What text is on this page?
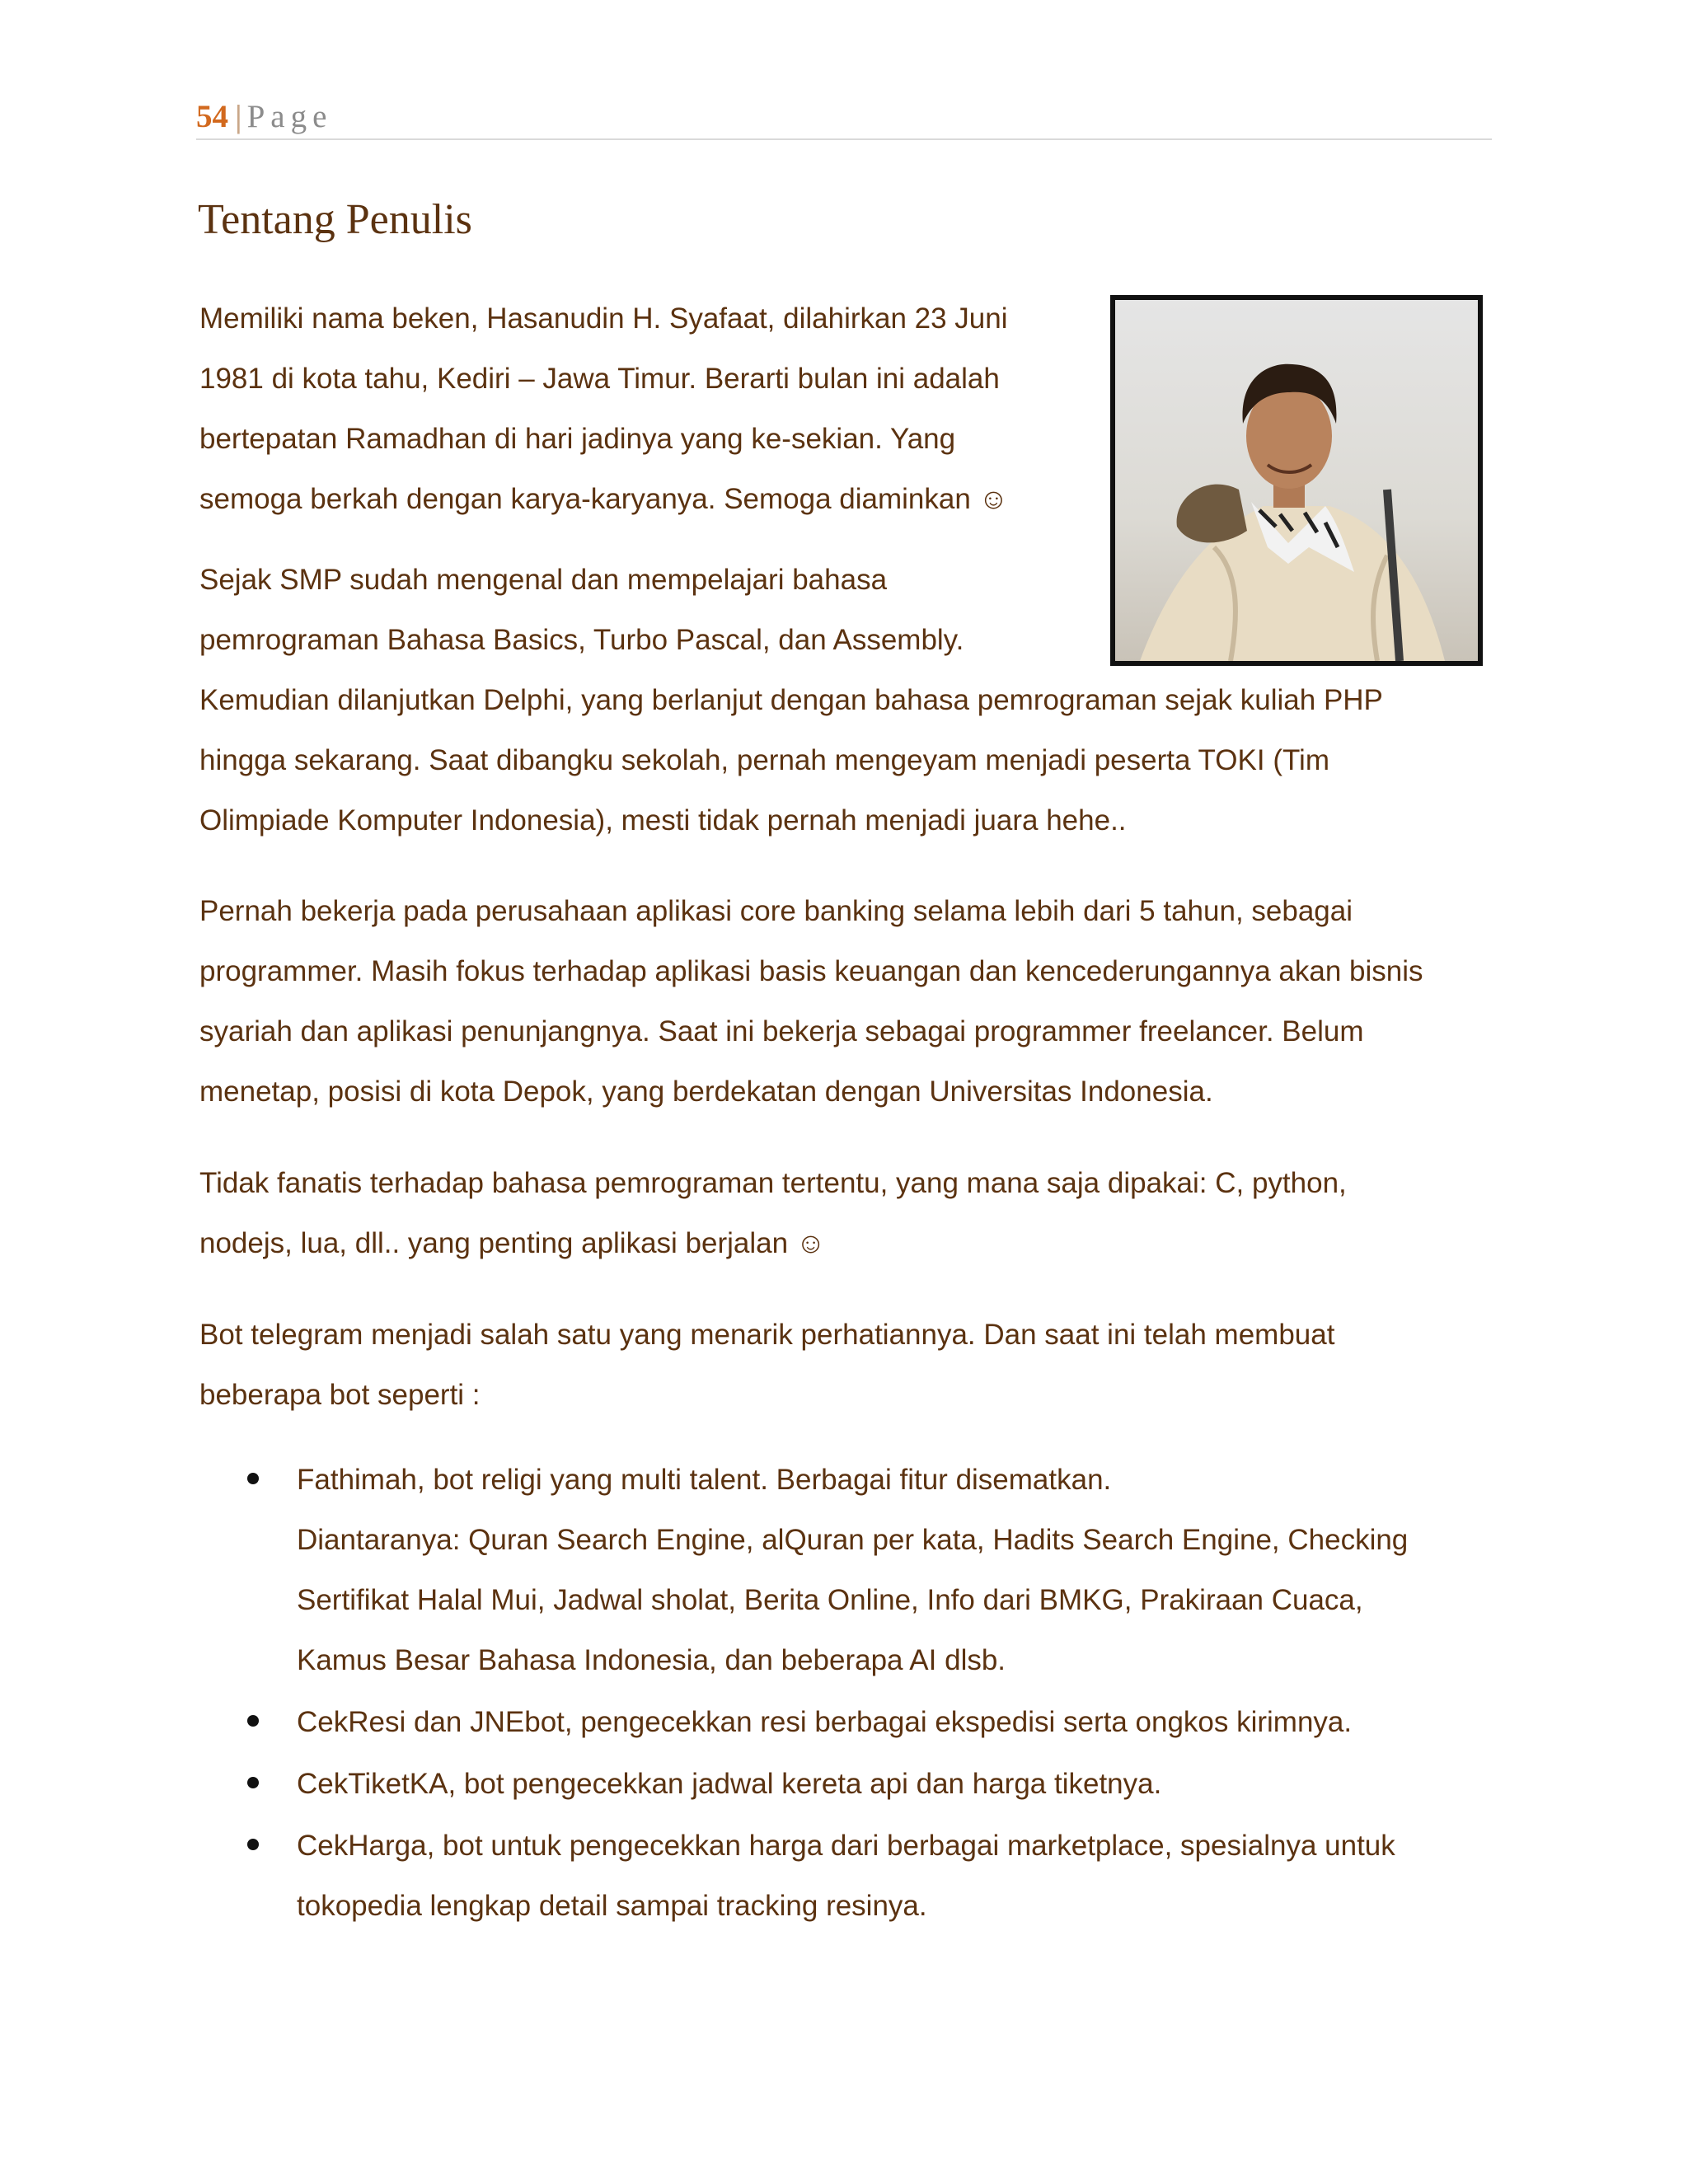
54 | Page
Tentang Penulis

Memiliki nama beken, Hasanudin H. Syafaat, dilahirkan 23 Juni
1981 di kota tahu, Kediri – Jawa Timur. Berarti bulan ini adalah
bertepatan Ramadhan di hari jadinya yang ke-sekian. Yang
semoga berkah dengan karya-karyanya. Semoga diaminkan ☺

Sejak SMP sudah mengenal dan mempelajari bahasa
pemrograman Bahasa Basics, Turbo Pascal, dan Assembly.
Kemudian dilanjutkan Delphi, yang berlanjut dengan bahasa pemrograman sejak kuliah PHP
hingga sekarang. Saat dibangku sekolah, pernah mengeyam menjadi peserta TOKI (Tim
Olimpiade Komputer Indonesia), mesti tidak pernah menjadi juara hehe..

Pernah bekerja pada perusahaan aplikasi core banking selama lebih dari 5 tahun, sebagai
programmer. Masih fokus terhadap aplikasi basis keuangan dan kencederungannya akan bisnis
syariah dan aplikasi penunjangnya. Saat ini bekerja sebagai programmer freelancer. Belum
menetap, posisi di kota Depok, yang berdekatan dengan Universitas Indonesia.

Tidak fanatis terhadap bahasa pemrograman tertentu, yang mana saja dipakai: C, python,
nodejs, lua, dll.. yang penting aplikasi berjalan ☺

Bot telegram menjadi salah satu yang menarik perhatiannya. Dan saat ini telah membuat
beberapa bot seperti :

Fathimah, bot religi yang multi talent. Berbagai fitur disematkan.
Diantaranya: Quran Search Engine, alQuran per kata, Hadits Search Engine, Checking
Sertifikat Halal Mui, Jadwal sholat, Berita Online, Info dari BMKG, Prakiraan Cuaca,
Kamus Besar Bahasa Indonesia, dan beberapa AI dlsb.
CekResi dan JNEbot, pengecekkan resi berbagai ekspedisi serta ongkos kirimnya.
CekTiketKA, bot pengecekkan jadwal kereta api dan harga tiketnya.
CekHarga, bot untuk pengecekkan harga dari berbagai marketplace, spesialnya untuk
tokopedia lengkap detail sampai tracking resinya.
